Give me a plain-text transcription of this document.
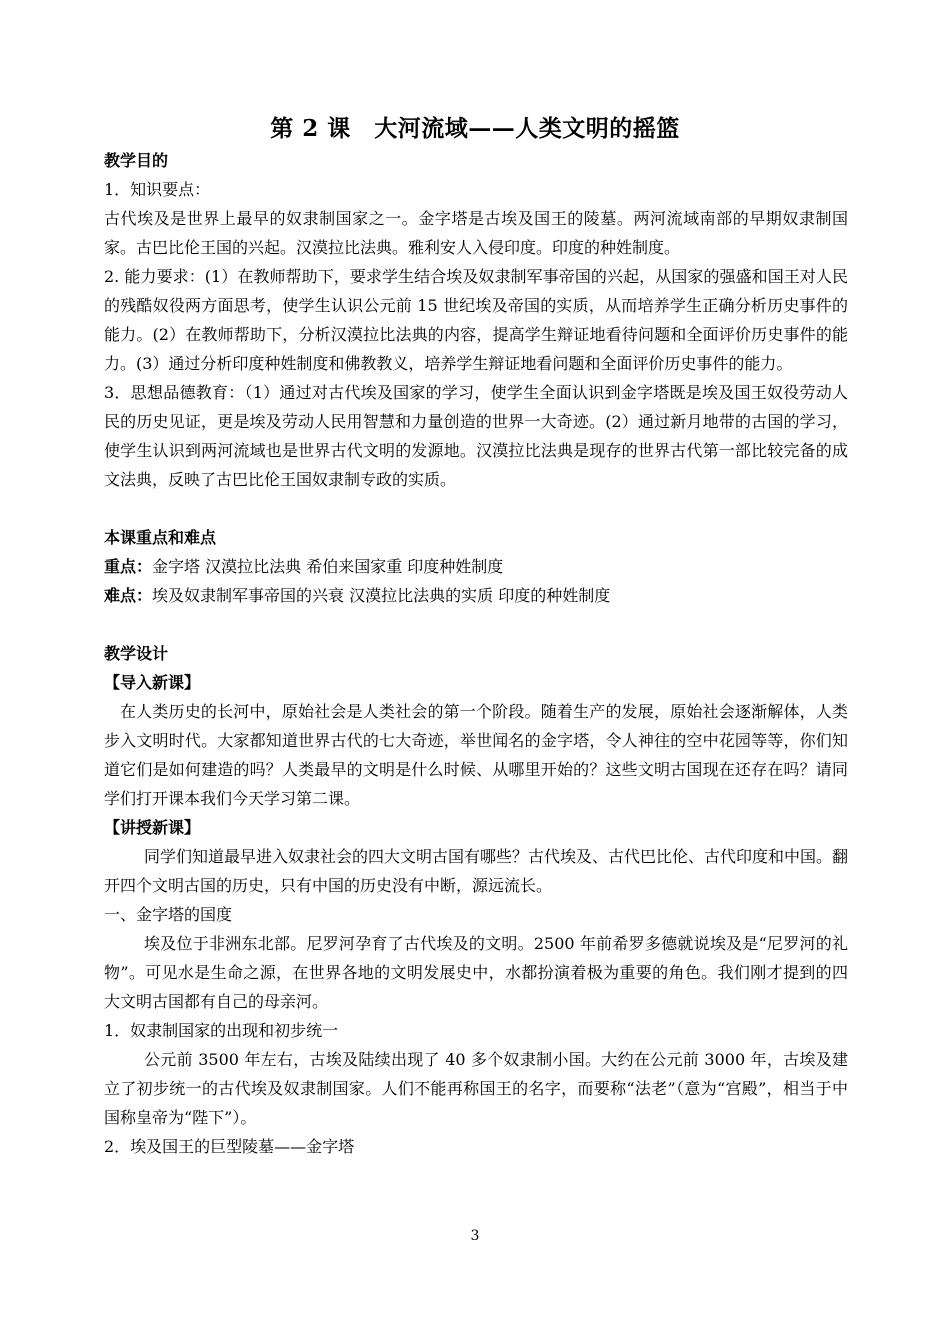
第 2 课　大河流域——人类文明的摇篮

教学目的

1．知识要点：

古代埃及是世界上最早的奴隶制国家之一。金字塔是古埃及国王的陵墓。两河流域南部的早期奴隶制国家。古巴比伦王国的兴起。汉漠拉比法典。雅利安人入侵印度。印度的种姓制度。

2. 能力要求：(1）在教师帮助下，要求学生结合埃及奴隶制军事帝国的兴起，从国家的强盛和国王对人民的残酷奴役两方面思考，使学生认识公元前 15 世纪埃及帝国的实质，从而培养学生正确分析历史事件的能力。(2）在教师帮助下，分析汉漠拉比法典的内容，提高学生辩证地看待问题和全面评价历史事件的能力。(3）通过分析印度种姓制度和佛教教义，培养学生辩证地看问题和全面评价历史事件的能力。

3．思想品德教育：（1）通过对古代埃及国家的学习，使学生全面认识到金字塔既是埃及国王奴役劳动人民的历史见证，更是埃及劳动人民用智慧和力量创造的世界一大奇迹。(2）通过新月地带的古国的学习，使学生认识到两河流域也是世界古代文明的发源地。汉漠拉比法典是现存的世界古代第一部比较完备的成文法典，反映了古巴比伦王国奴隶制专政的实质。

本课重点和难点

重点：金字塔 汉漠拉比法典 希伯来国家重 印度种姓制度

难点：埃及奴隶制军事帝国的兴衰 汉漠拉比法典的实质 印度的种姓制度

教学设计

【导入新课】

在人类历史的长河中，原始社会是人类社会的第一个阶段。随着生产的发展，原始社会逐渐解体，人类步入文明时代。大家都知道世界古代的七大奇迹，举世闻名的金字塔，令人神往的空中花园等等，你们知道它们是如何建造的吗？人类最早的文明是什么时候、从哪里开始的？这些文明古国现在还存在吗？请同学们打开课本我们今天学习第二课。

【讲授新课】

同学们知道最早进入奴隶社会的四大文明古国有哪些？古代埃及、古代巴比伦、古代印度和中国。翻开四个文明古国的历史，只有中国的历史没有中断，源远流长。

一、金字塔的国度

埃及位于非洲东北部。尼罗河孕育了古代埃及的文明。2500 年前希罗多德就说埃及是“尼罗河的礼物”。可见水是生命之源，在世界各地的文明发展史中，水都扮演着极为重要的角色。我们刚才提到的四大文明古国都有自己的母亲河。

1．奴隶制国家的出现和初步统一

公元前 3500 年左右，古埃及陆续出现了 40 多个奴隶制小国。大约在公元前 3000 年，古埃及建立了初步统一的古代埃及奴隶制国家。人们不能再称国王的名字，而要称“法老”（意为“宫殿”，相当于中国称皇帝为“陛下”）。

2．埃及国王的巨型陵墓——金字塔

3
